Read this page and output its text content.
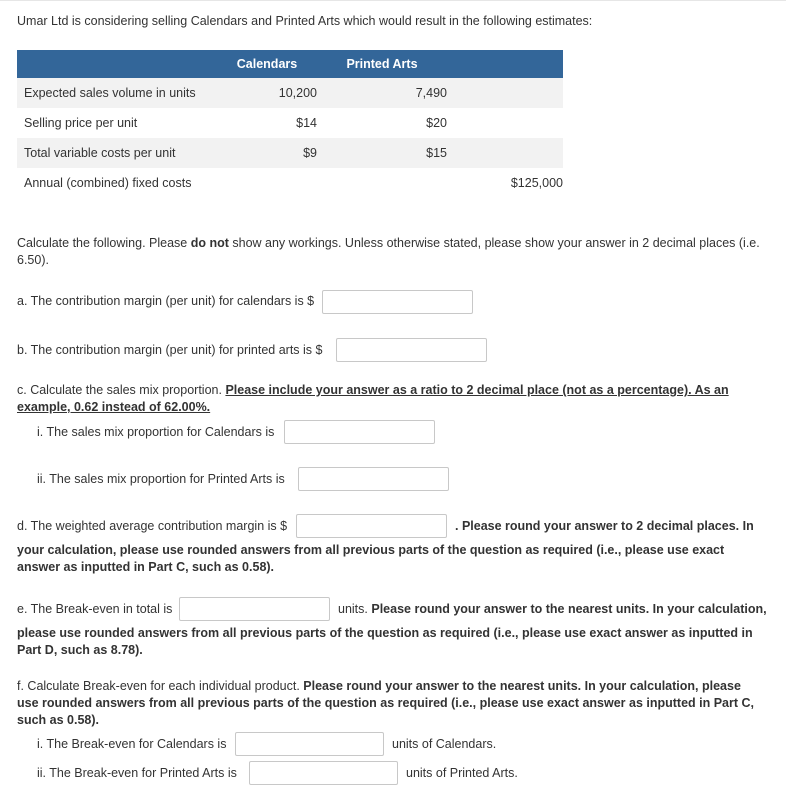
Umar Ltd is considering selling Calendars and Printed Arts which would result in the following estimates:
	Calendars	Printed Arts	
Expected sales volume in units	10,200	7,490	
Selling price per unit	$14	$20	
Total variable costs per unit	$9	$15	
Annual (combined) fixed costs			$125,000
Calculate the following. Please do not show any workings. Unless otherwise stated, please show your answer in 2 decimal places (i.e. 6.50).
a. The contribution margin (per unit) for calendars is $
b. The contribution margin (per unit) for printed arts is $
c. Calculate the sales mix proportion. Please include your answer as a ratio to 2 decimal place (not as a percentage). As an example, 0.62 instead of 62.00%.
i. The sales mix proportion for Calendars is
ii. The sales mix proportion for Printed Arts is
d. The weighted average contribution margin is $	. Please round your answer to 2 decimal places. In
your calculation, please use rounded answers from all previous parts of the question as required (i.e., please use exact answer as inputted in Part C, such as 0.58).
e. The Break-even in total is	units. Please round your answer to the nearest units. In your calculation,
please use rounded answers from all previous parts of the question as required (i.e., please use exact answer as inputted in Part D, such as 8.78).
f. Calculate Break-even for each individual product. Please round your answer to the nearest units. In your calculation, please use rounded answers from all previous parts of the question as required (i.e., please use exact answer as inputted in Part C, such as 0.58).
i. The Break-even for Calendars is	units of Calendars.
ii. The Break-even for Printed Arts is	units of Printed Arts.
